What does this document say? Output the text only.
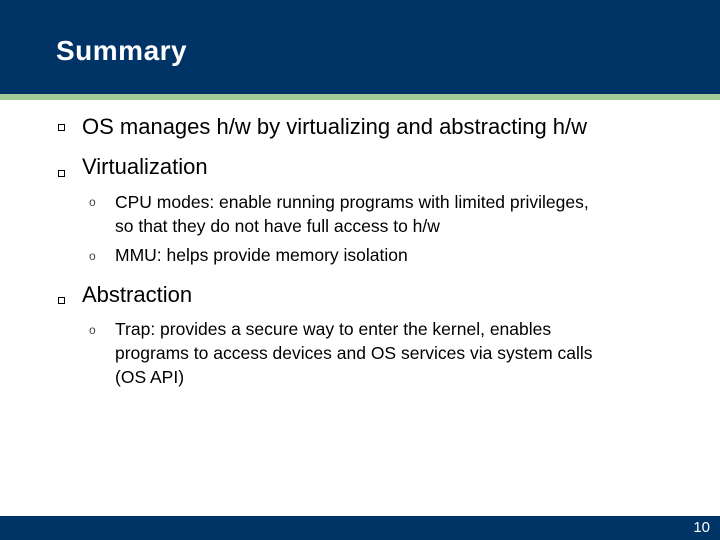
Summary

OS manages h/w by virtualizing and abstracting h/w

Virtualization

o CPU modes: enable running programs with limited privileges,
so that they do not have full access to h/w

o MMU: helps provide memory isolation

Abstraction

o Trap: provides a secure way to enter the kernel, enables
programs to access devices and OS services via system calls
(OS API)

10
